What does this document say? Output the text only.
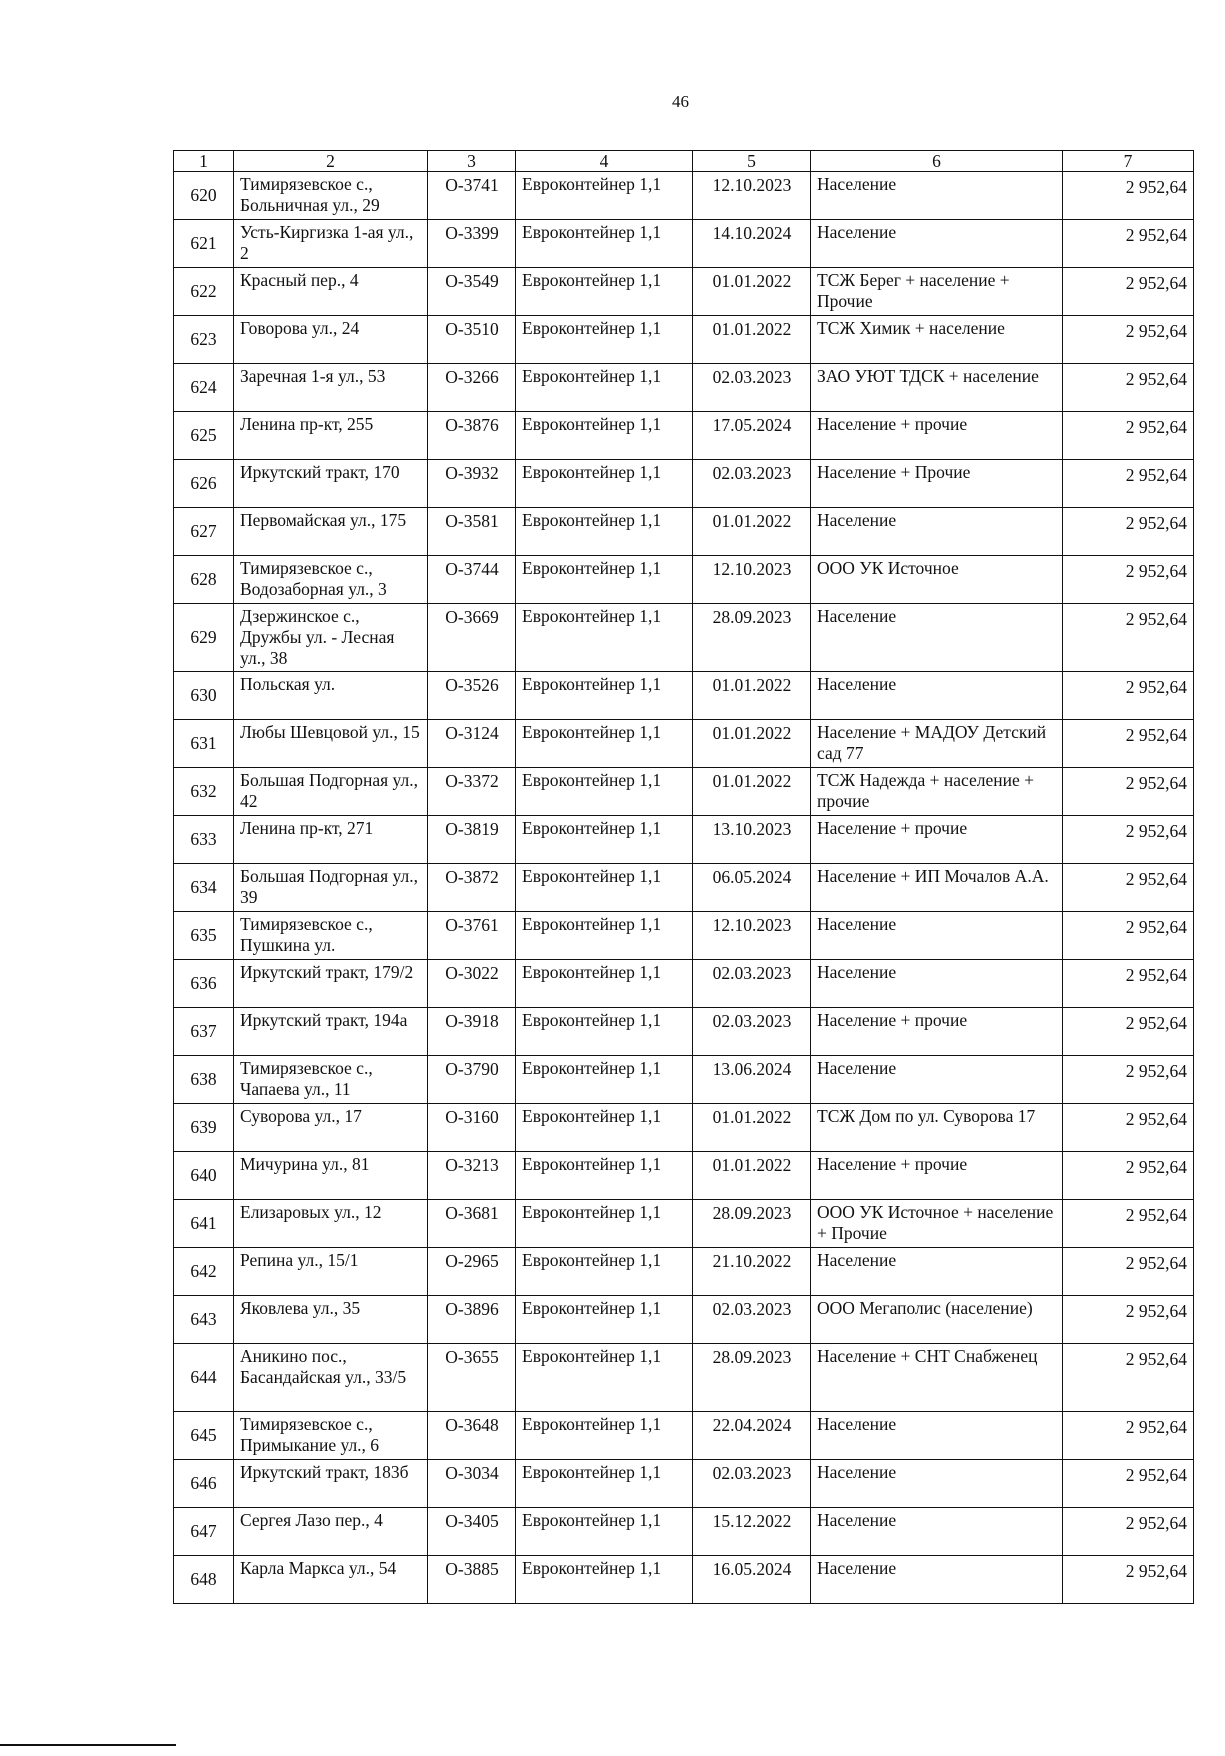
46
1	2	3	4	5	6	7
620	Тимирязевское с., Больничная ул., 29	О-3741	Евроконтейнер 1,1	12.10.2023	Население	2 952,64
621	Усть-Киргизка 1-ая ул., 2	О-3399	Евроконтейнер 1,1	14.10.2024	Население	2 952,64
622	Красный пер., 4	О-3549	Евроконтейнер 1,1	01.01.2022	ТСЖ Берег + население + Прочие	2 952,64
623	Говорова ул., 24	О-3510	Евроконтейнер 1,1	01.01.2022	ТСЖ Химик + население	2 952,64
624	Заречная 1-я ул., 53	О-3266	Евроконтейнер 1,1	02.03.2023	ЗАО УЮТ ТДСК + население	2 952,64
625	Ленина пр-кт, 255	О-3876	Евроконтейнер 1,1	17.05.2024	Население + прочие	2 952,64
626	Иркутский тракт, 170	О-3932	Евроконтейнер 1,1	02.03.2023	Население + Прочие	2 952,64
627	Первомайская ул., 175	О-3581	Евроконтейнер 1,1	01.01.2022	Население	2 952,64
628	Тимирязевское с., Водозаборная ул., 3	О-3744	Евроконтейнер 1,1	12.10.2023	ООО УК Источное	2 952,64
629	Дзержинское с., Дружбы ул. - Лесная ул., 38	О-3669	Евроконтейнер 1,1	28.09.2023	Население	2 952,64
630	Польская ул.	О-3526	Евроконтейнер 1,1	01.01.2022	Население	2 952,64
631	Любы Шевцовой ул., 15	О-3124	Евроконтейнер 1,1	01.01.2022	Население + МАДОУ Детский сад 77	2 952,64
632	Большая Подгорная ул., 42	О-3372	Евроконтейнер 1,1	01.01.2022	ТСЖ Надежда + население + прочие	2 952,64
633	Ленина пр-кт, 271	О-3819	Евроконтейнер 1,1	13.10.2023	Население + прочие	2 952,64
634	Большая Подгорная ул., 39	О-3872	Евроконтейнер 1,1	06.05.2024	Население + ИП Мочалов А.А.	2 952,64
635	Тимирязевское с., Пушкина ул.	О-3761	Евроконтейнер 1,1	12.10.2023	Население	2 952,64
636	Иркутский тракт, 179/2	О-3022	Евроконтейнер 1,1	02.03.2023	Население	2 952,64
637	Иркутский тракт, 194а	О-3918	Евроконтейнер 1,1	02.03.2023	Население + прочие	2 952,64
638	Тимирязевское с., Чапаева ул., 11	О-3790	Евроконтейнер 1,1	13.06.2024	Население	2 952,64
639	Суворова ул., 17	О-3160	Евроконтейнер 1,1	01.01.2022	ТСЖ Дом по ул. Суворова 17	2 952,64
640	Мичурина ул., 81	О-3213	Евроконтейнер 1,1	01.01.2022	Население + прочие	2 952,64
641	Елизаровых ул., 12	О-3681	Евроконтейнер 1,1	28.09.2023	ООО УК Источное + население + Прочие	2 952,64
642	Репина ул., 15/1	О-2965	Евроконтейнер 1,1	21.10.2022	Население	2 952,64
643	Яковлева ул., 35	О-3896	Евроконтейнер 1,1	02.03.2023	ООО Мегаполис (население)	2 952,64
644	Аникино пос., Басандайская ул., 33/5	О-3655	Евроконтейнер 1,1	28.09.2023	Население + СНТ Снабженец	2 952,64
645	Тимирязевское с., Примыкание ул., 6	О-3648	Евроконтейнер 1,1	22.04.2024	Население	2 952,64
646	Иркутский тракт, 183б	О-3034	Евроконтейнер 1,1	02.03.2023	Население	2 952,64
647	Сергея Лазо пер., 4	О-3405	Евроконтейнер 1,1	15.12.2022	Население	2 952,64
648	Карла Маркса ул., 54	О-3885	Евроконтейнер 1,1	16.05.2024	Население	2 952,64
